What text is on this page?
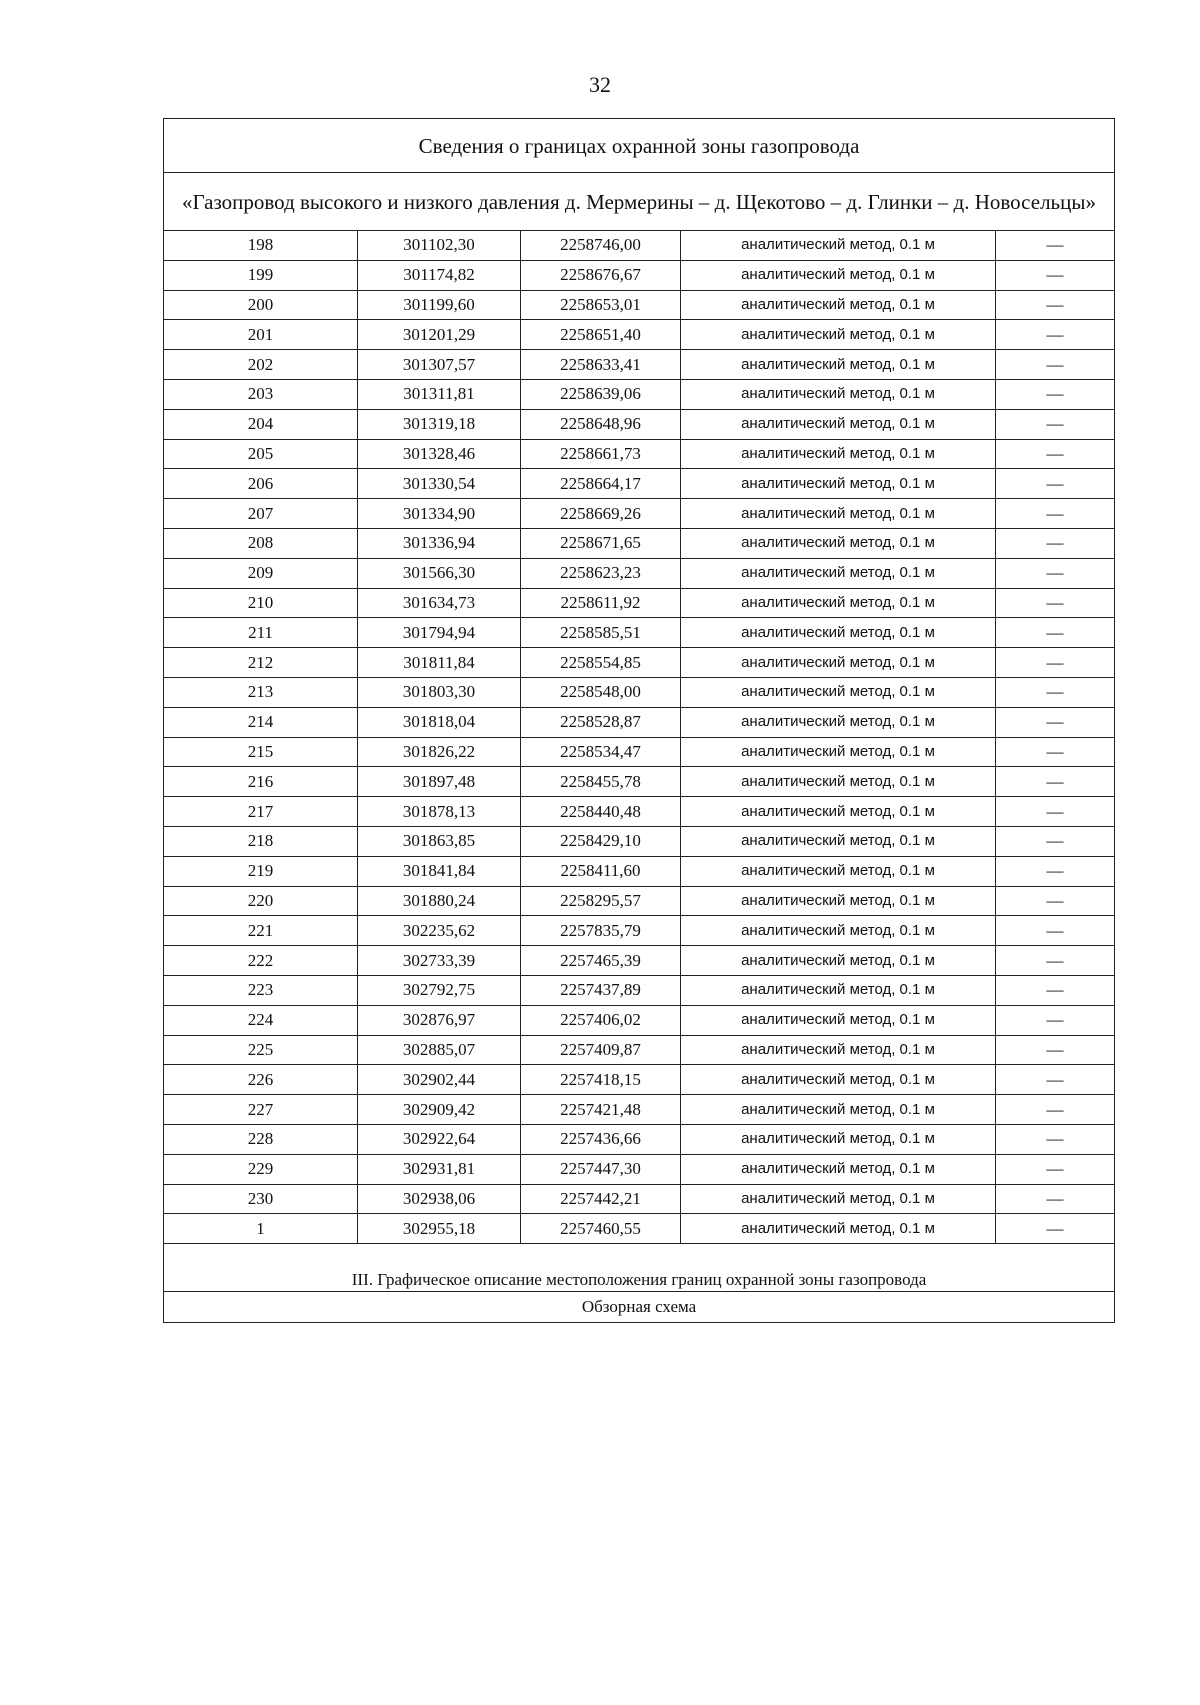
32
Сведения о границах охранной зоны газопровода				
«Газопровод высокого и низкого давления д. Мермерины – д. Щекотово – д. Глинки – д. Новосельцы»				
198	301102,30	2258746,00	аналитический метод, 0.1 м	—
199	301174,82	2258676,67	аналитический метод, 0.1 м	—
200	301199,60	2258653,01	аналитический метод, 0.1 м	—
201	301201,29	2258651,40	аналитический метод, 0.1 м	—
202	301307,57	2258633,41	аналитический метод, 0.1 м	—
203	301311,81	2258639,06	аналитический метод, 0.1 м	—
204	301319,18	2258648,96	аналитический метод, 0.1 м	—
205	301328,46	2258661,73	аналитический метод, 0.1 м	—
206	301330,54	2258664,17	аналитический метод, 0.1 м	—
207	301334,90	2258669,26	аналитический метод, 0.1 м	—
208	301336,94	2258671,65	аналитический метод, 0.1 м	—
209	301566,30	2258623,23	аналитический метод, 0.1 м	—
210	301634,73	2258611,92	аналитический метод, 0.1 м	—
211	301794,94	2258585,51	аналитический метод, 0.1 м	—
212	301811,84	2258554,85	аналитический метод, 0.1 м	—
213	301803,30	2258548,00	аналитический метод, 0.1 м	—
214	301818,04	2258528,87	аналитический метод, 0.1 м	—
215	301826,22	2258534,47	аналитический метод, 0.1 м	—
216	301897,48	2258455,78	аналитический метод, 0.1 м	—
217	301878,13	2258440,48	аналитический метод, 0.1 м	—
218	301863,85	2258429,10	аналитический метод, 0.1 м	—
219	301841,84	2258411,60	аналитический метод, 0.1 м	—
220	301880,24	2258295,57	аналитический метод, 0.1 м	—
221	302235,62	2257835,79	аналитический метод, 0.1 м	—
222	302733,39	2257465,39	аналитический метод, 0.1 м	—
223	302792,75	2257437,89	аналитический метод, 0.1 м	—
224	302876,97	2257406,02	аналитический метод, 0.1 м	—
225	302885,07	2257409,87	аналитический метод, 0.1 м	—
226	302902,44	2257418,15	аналитический метод, 0.1 м	—
227	302909,42	2257421,48	аналитический метод, 0.1 м	—
228	302922,64	2257436,66	аналитический метод, 0.1 м	—
229	302931,81	2257447,30	аналитический метод, 0.1 м	—
230	302938,06	2257442,21	аналитический метод, 0.1 м	—
1	302955,18	2257460,55	аналитический метод, 0.1 м	—
III. Графическое описание местоположения границ охранной зоны газопровода				
Обзорная схема				
